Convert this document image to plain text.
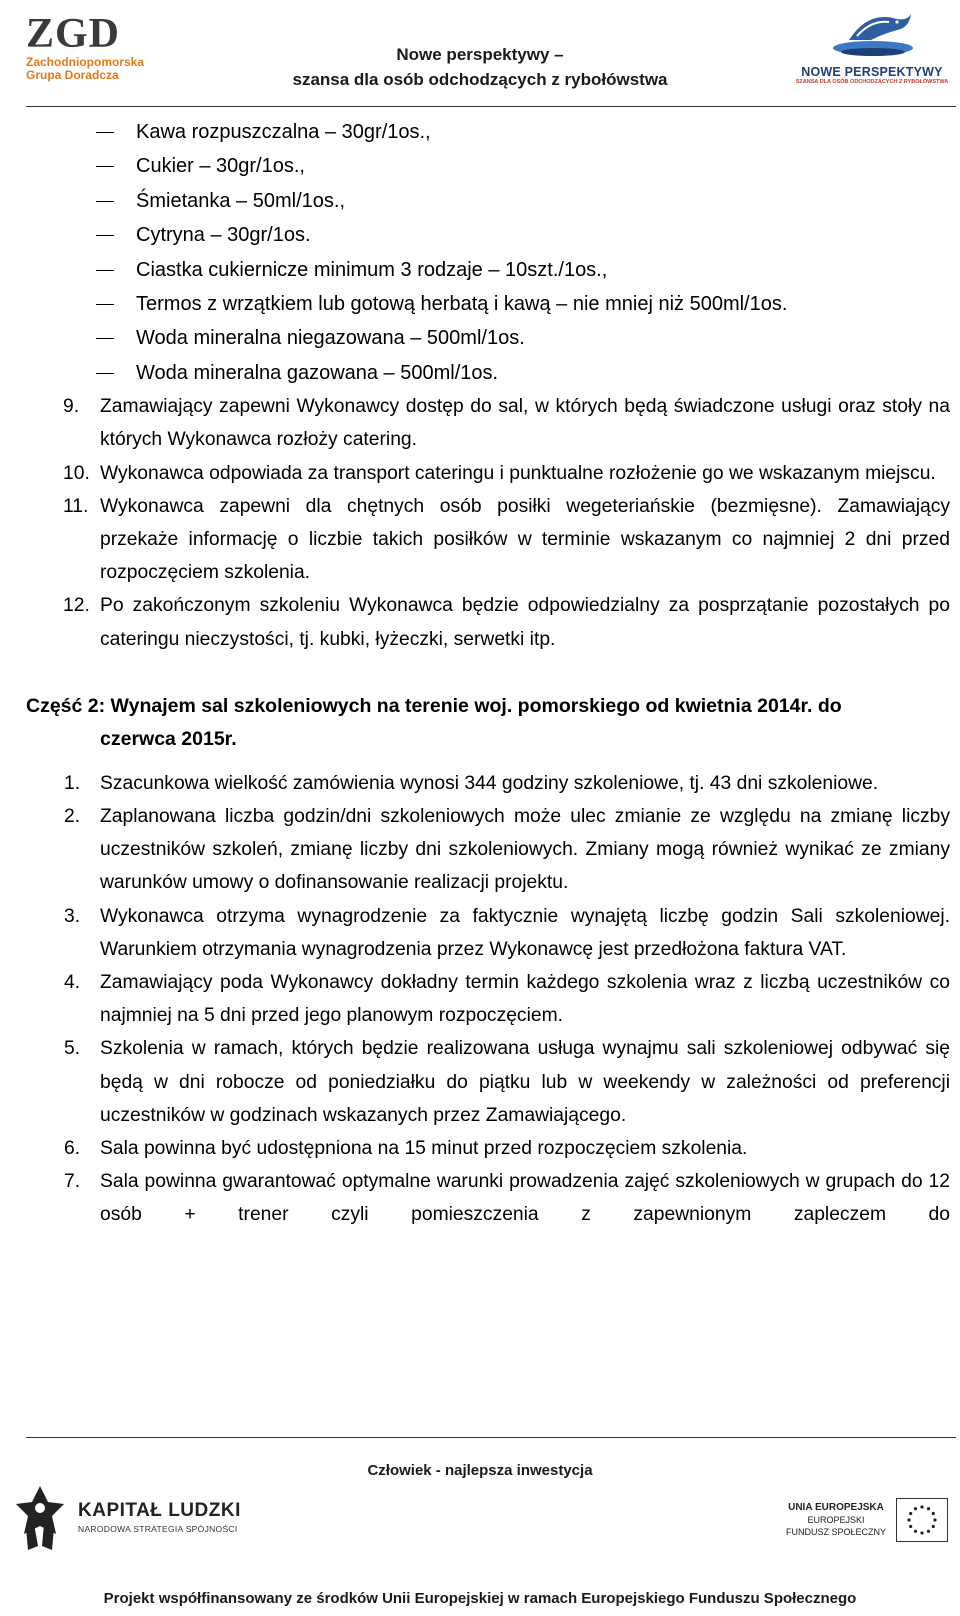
ZGD
Zachodniopomorska
Grupa Doradcza
Nowe perspektywy –
szansa dla osób odchodzących z rybołówstwa	NOWE PERSPEKTYWY
SZANSA DLA OSÓB ODCHODZĄCYCH Z RYBOŁÓWSTWA
Kawa rozpuszczalna – 30gr/1os.,
Cukier – 30gr/1os.,
Śmietanka – 50ml/1os.,
Cytryna – 30gr/1os.
Ciastka cukiernicze minimum 3 rodzaje – 10szt./1os.,
Termos z wrzątkiem lub gotową herbatą i kawą – nie mniej niż 500ml/1os.
Woda mineralna niegazowana – 500ml/1os.
Woda mineralna gazowana – 500ml/1os.
9. Zamawiający zapewni Wykonawcy dostęp do sal, w których będą świadczone usługi oraz stoły na których Wykonawca rozłoży catering.
10. Wykonawca odpowiada za transport cateringu i punktualne rozłożenie go we wskazanym miejscu.
11. Wykonawca zapewni dla chętnych osób posiłki wegeteriańskie (bezmięsne). Zamawiający przekaże informację o liczbie takich posiłków w terminie wskazanym co najmniej 2 dni przed rozpoczęciem szkolenia.
12. Po zakończonym szkoleniu Wykonawca będzie odpowiedzialny za posprzątanie pozostałych po cateringu nieczystości, tj. kubki, łyżeczki, serwetki itp.
Część 2: Wynajem sal szkoleniowych na terenie woj. pomorskiego od kwietnia 2014r. do
czerwca 2015r.
1. Szacunkowa wielkość zamówienia wynosi 344 godziny szkoleniowe, tj. 43 dni szkoleniowe.
2. Zaplanowana liczba godzin/dni szkoleniowych może ulec zmianie ze względu na zmianę liczby uczestników szkoleń, zmianę liczby dni szkoleniowych. Zmiany mogą również wynikać ze zmiany warunków umowy o dofinansowanie realizacji projektu.
3. Wykonawca otrzyma wynagrodzenie za faktycznie wynajętą liczbę godzin Sali szkoleniowej. Warunkiem otrzymania wynagrodzenia przez Wykonawcę jest przedłożona faktura VAT.
4. Zamawiający poda Wykonawcy dokładny termin każdego szkolenia wraz z liczbą uczestników co najmniej na 5 dni przed jego planowym rozpoczęciem.
5. Szkolenia w ramach, których będzie realizowana usługa wynajmu sali szkoleniowej odbywać się będą w dni robocze od poniedziałku do piątku lub w weekendy w zależności od preferencji uczestników w godzinach wskazanych przez Zamawiającego.
6. Sala powinna być udostępniona na 15 minut przed rozpoczęciem szkolenia.
7. Sala powinna gwarantować optymalne warunki prowadzenia zajęć szkoleniowych w grupach do 12 osób + trener czyli pomieszczenia z zapewnionym zapleczem do
Człowiek - najlepsza inwestycja
KAPITAŁ LUDZKI
NARODOWA STRATEGIA SPÓJNOŚCI
UNIA EUROPEJSKA
EUROPEJSKI
FUNDUSZ SPOŁECZNY
Projekt współfinansowany ze środków Unii Europejskiej w ramach Europejskiego Funduszu Społecznego
